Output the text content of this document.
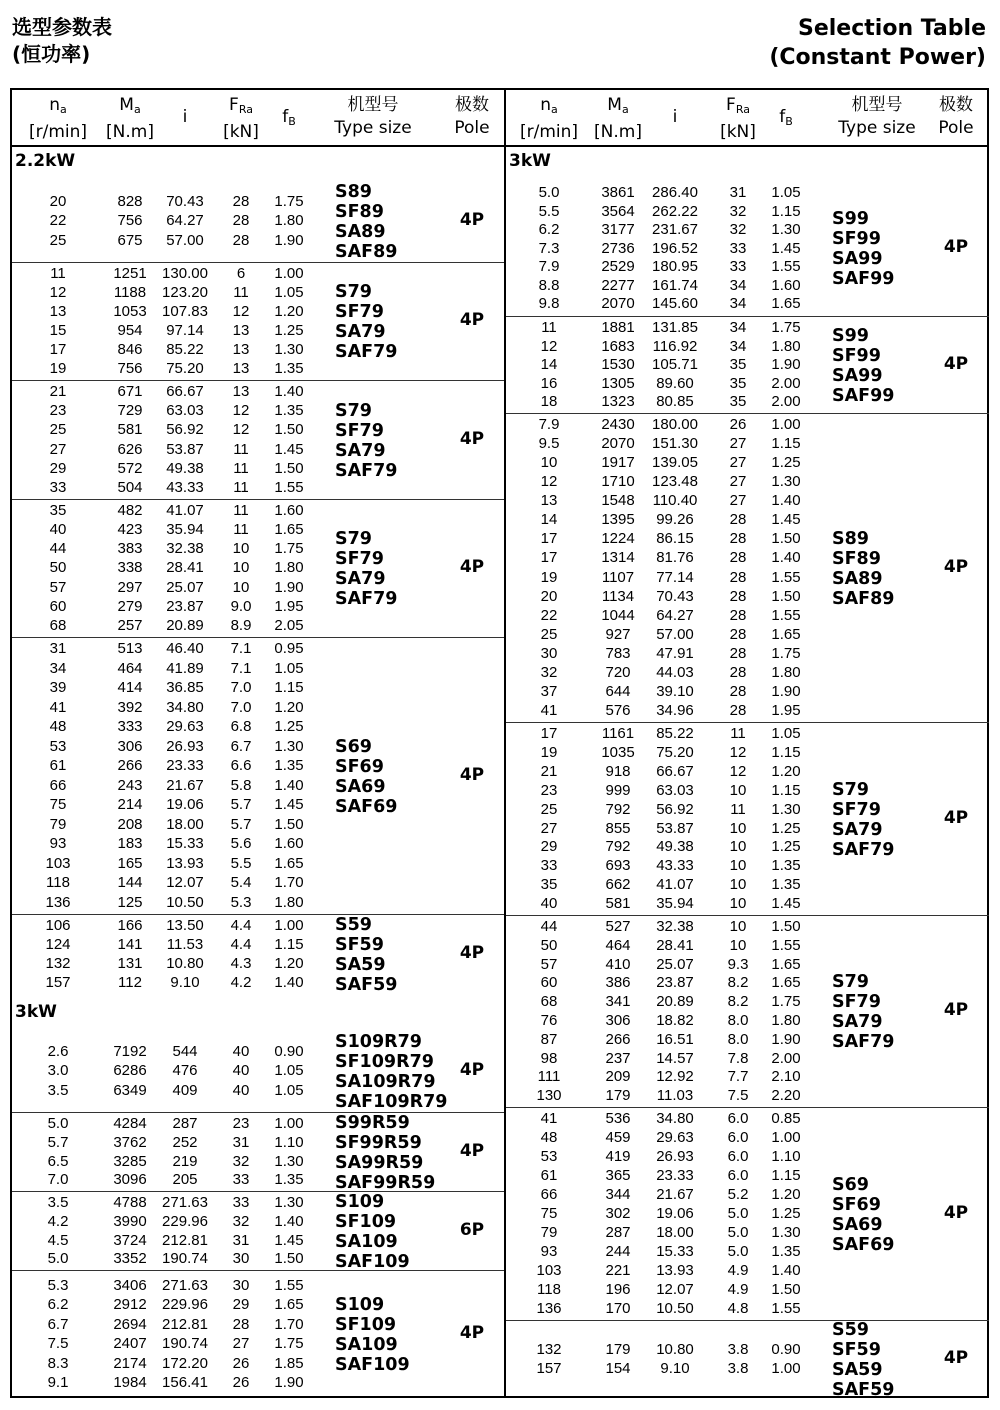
选型参数表
(恒功率)
Selection Table
(Constant Power)
$n_a$
[r/min]
$M_a$
[N.m]
i
$F_{Ra}$
[kN]
$f_B$
机型号
Type size
极数
Pole
2.2kW
20	828	70.43	28	1.75
22	756	64.27	28	1.80
25	675	57.00	28	1.90
S89
SF89
SA89
SAF89
4P
11	1251	130.00	6	1.00
12	1188	123.20	11	1.05
13	1053	107.83	12	1.20
15	954	97.14	13	1.25
17	846	85.22	13	1.30
19	756	75.20	13	1.35
S79
SF79
SA79
SAF79
4P
21	671	66.67	13	1.40
23	729	63.03	12	1.35
25	581	56.92	12	1.50
27	626	53.87	11	1.45
29	572	49.38	11	1.50
33	504	43.33	11	1.55
S79
SF79
SA79
SAF79
4P
35	482	41.07	11	1.60
40	423	35.94	11	1.65
44	383	32.38	10	1.75
50	338	28.41	10	1.80
57	297	25.07	10	1.90
60	279	23.87	9.0	1.95
68	257	20.89	8.9	2.05
S79
SF79
SA79
SAF79
4P
31	513	46.40	7.1	0.95
34	464	41.89	7.1	1.05
39	414	36.85	7.0	1.15
41	392	34.80	7.0	1.20
48	333	29.63	6.8	1.25
53	306	26.93	6.7	1.30
61	266	23.33	6.6	1.35
66	243	21.67	5.8	1.40
75	214	19.06	5.7	1.45
79	208	18.00	5.7	1.50
93	183	15.33	5.6	1.60
103	165	13.93	5.5	1.65
118	144	12.07	5.4	1.70
136	125	10.50	5.3	1.80
S69
SF69
SA69
SAF69
4P
106	166	13.50	4.4	1.00
124	141	11.53	4.4	1.15
132	131	10.80	4.3	1.20
157	112	9.10	4.2	1.40
S59
SF59
SA59
SAF59
4P
3kW
2.6	7192	544	40	0.90
3.0	6286	476	40	1.05
3.5	6349	409	40	1.05
S109R79
SF109R79
SA109R79
SAF109R79
4P
5.0	4284	287	23	1.00
5.7	3762	252	31	1.10
6.5	3285	219	32	1.30
7.0	3096	205	33	1.35
S99R59
SF99R59
SA99R59
SAF99R59
4P
3.5	4788	271.63	33	1.30
4.2	3990	229.96	32	1.40
4.5	3724	212.81	31	1.45
5.0	3352	190.74	30	1.50
S109
SF109
SA109
SAF109
6P
5.3	3406	271.63	30	1.55
6.2	2912	229.96	29	1.65
6.7	2694	212.81	28	1.70
7.5	2407	190.74	27	1.75
8.3	2174	172.20	26	1.85
9.1	1984	156.41	26	1.90
S109
SF109
SA109
SAF109
4P
$n_a$
[r/min]
$M_a$
[N.m]
i
$F_{Ra}$
[kN]
$f_B$
机型号
Type size
极数
Pole
3kW
5.0	3861	286.40	31	1.05
5.5	3564	262.22	32	1.15
6.2	3177	231.67	32	1.30
7.3	2736	196.52	33	1.45
7.9	2529	180.95	33	1.55
8.8	2277	161.74	34	1.60
9.8	2070	145.60	34	1.65
S99
SF99
SA99
SAF99
4P
11	1881	131.85	34	1.75
12	1683	116.92	34	1.80
14	1530	105.71	35	1.90
16	1305	89.60	35	2.00
18	1323	80.85	35	2.00
S99
SF99
SA99
SAF99
4P
7.9	2430	180.00	26	1.00
9.5	2070	151.30	27	1.15
10	1917	139.05	27	1.25
12	1710	123.48	27	1.30
13	1548	110.40	27	1.40
14	1395	99.26	28	1.45
17	1224	86.15	28	1.50
17	1314	81.76	28	1.40
19	1107	77.14	28	1.55
20	1134	70.43	28	1.50
22	1044	64.27	28	1.55
25	927	57.00	28	1.65
30	783	47.91	28	1.75
32	720	44.03	28	1.80
37	644	39.10	28	1.90
41	576	34.96	28	1.95
S89
SF89
SA89
SAF89
4P
17	1161	85.22	11	1.05
19	1035	75.20	12	1.15
21	918	66.67	12	1.20
23	999	63.03	10	1.15
25	792	56.92	11	1.30
27	855	53.87	10	1.25
29	792	49.38	10	1.25
33	693	43.33	10	1.35
35	662	41.07	10	1.35
40	581	35.94	10	1.45
S79
SF79
SA79
SAF79
4P
44	527	32.38	10	1.50
50	464	28.41	10	1.55
57	410	25.07	9.3	1.65
60	386	23.87	8.2	1.65
68	341	20.89	8.2	1.75
76	306	18.82	8.0	1.80
87	266	16.51	8.0	1.90
98	237	14.57	7.8	2.00
111	209	12.92	7.7	2.10
130	179	11.03	7.5	2.20
S79
SF79
SA79
SAF79
4P
41	536	34.80	6.0	0.85
48	459	29.63	6.0	1.00
53	419	26.93	6.0	1.10
61	365	23.33	6.0	1.15
66	344	21.67	5.2	1.20
75	302	19.06	5.0	1.25
79	287	18.00	5.0	1.30
93	244	15.33	5.0	1.35
103	221	13.93	4.9	1.40
118	196	12.07	4.9	1.50
136	170	10.50	4.8	1.55
S69
SF69
SA69
SAF69
4P
132	179	10.80	3.8	0.90
157	154	9.10	3.8	1.00
S59
SF59
SA59
SAF59
4P
